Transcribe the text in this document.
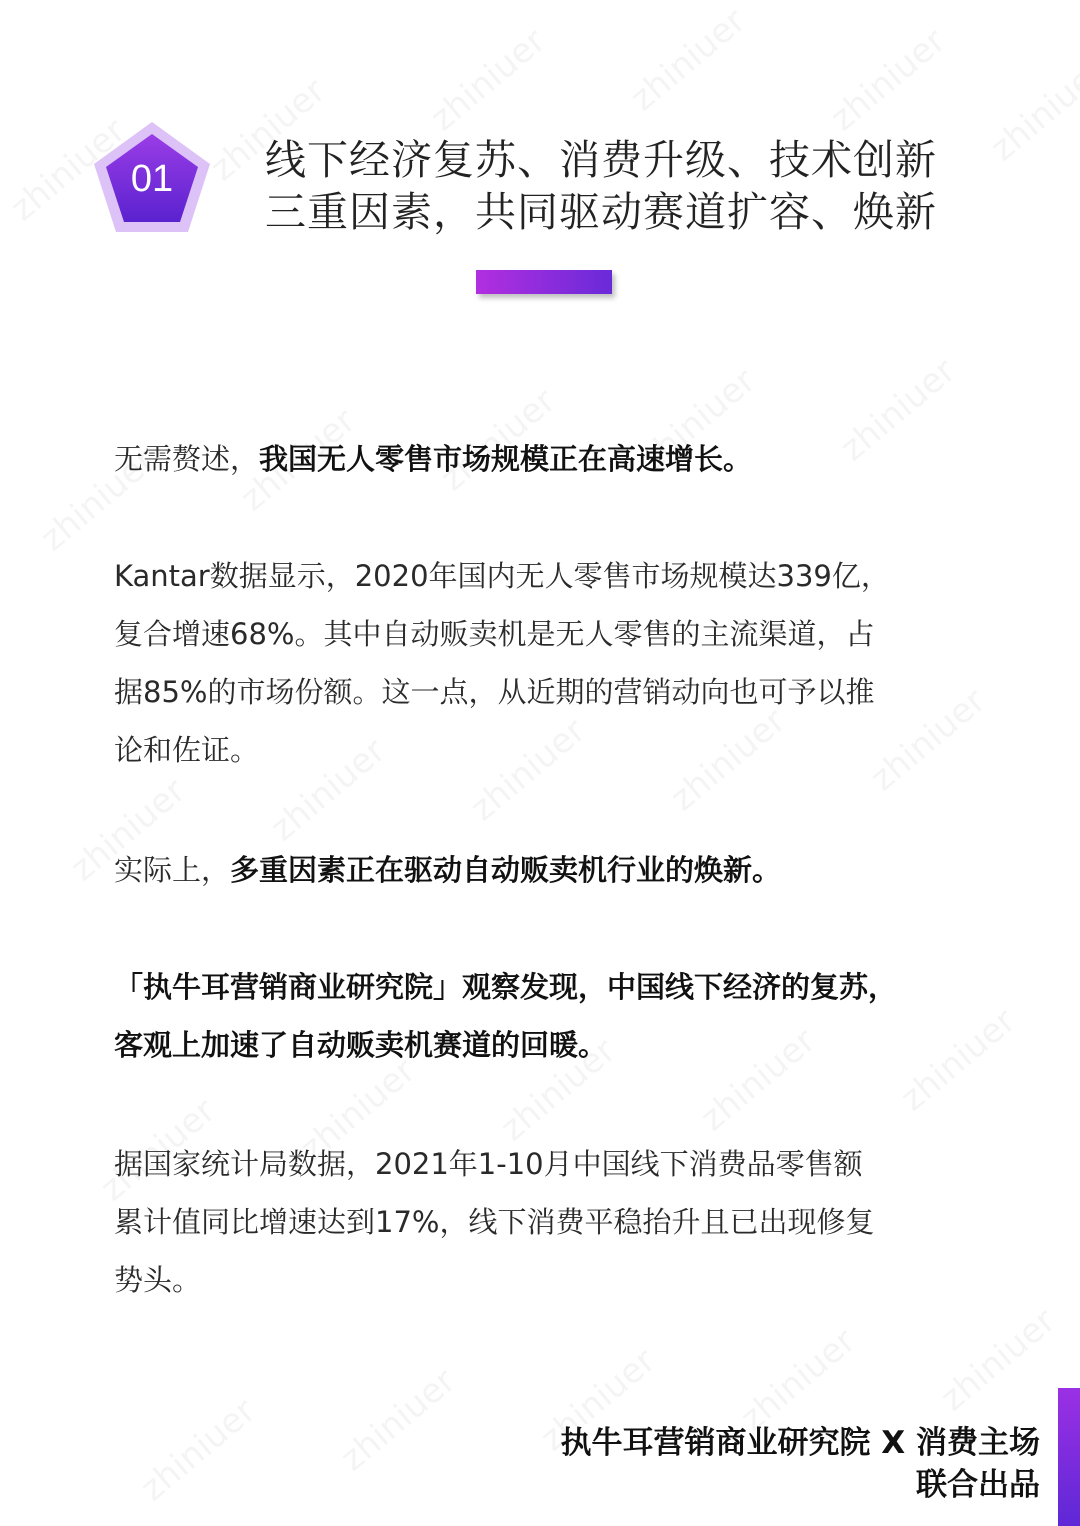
01	线下经济复苏、消费升级、技术创新
三重因素，共同驱动赛道扩容、焕新
无需赘述，我国无人零售市场规模正在高速增长。
Kantar数据显示，2020年国内无人零售市场规模达339亿，
复合增速68%。其中自动贩卖机是无人零售的主流渠道，占
据85%的市场份额。这一点，从近期的营销动向也可予以推
论和佐证。
实际上，多重因素正在驱动自动贩卖机行业的焕新。
「执牛耳营销商业研究院」观察发现，中国线下经济的复苏，
客观上加速了自动贩卖机赛道的回暖。
据国家统计局数据，2021年1-10月中国线下消费品零售额
累计值同比增速达到17%，线下消费平稳抬升且已出现修复
势头。
执牛耳营销商业研究院 X 消费主场
联合出品
